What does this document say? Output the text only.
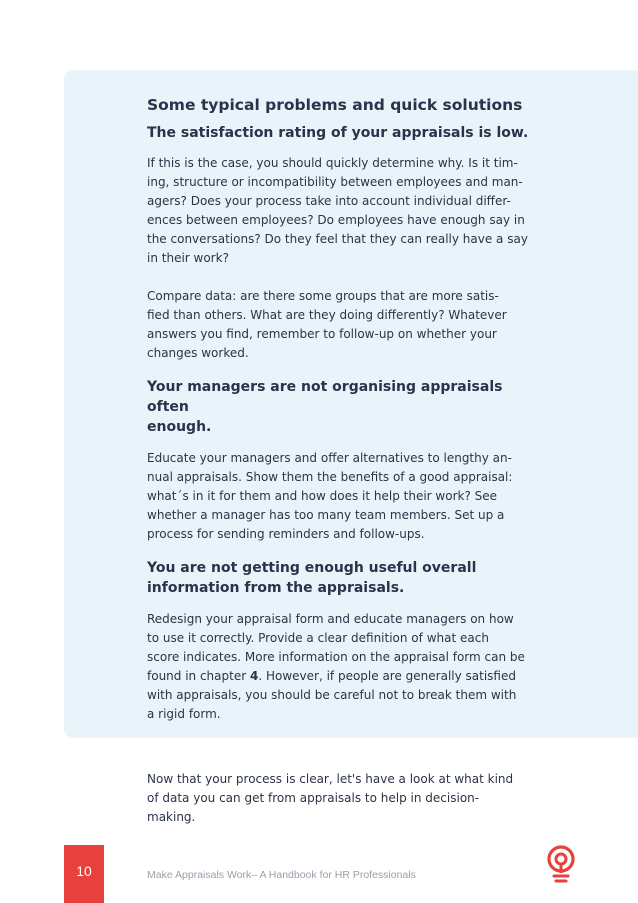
Some typical problems and quick solutions
The satisfaction rating of your appraisals is low.

If this is the case, you should quickly determine why. Is it tim-
ing, structure or incompatibility between employees and man-
agers? Does your process take into account individual differ-
ences between employees? Do employees have enough say in
the conversations? Do they feel that they can really have a say
in their work?

Compare data: are there some groups that are more satis-
fied than others. What are they doing differently? Whatever
answers you find, remember to follow-up on whether your
changes worked.

Your managers are not organising appraisals often
enough.

Educate your managers and offer alternatives to lengthy an-
nual appraisals. Show them the benefits of a good appraisal:
what´s in it for them and how does it help their work? See
whether a manager has too many team members. Set up a
process for sending reminders and follow-ups.

You are not getting enough useful overall
information from the appraisals.

Redesign your appraisal form and educate managers on how
to use it correctly. Provide a clear definition of what each
score indicates. More information on the appraisal form can be
found in chapter 4. However, if people are generally satisfied
with appraisals, you should be careful not to break them with
a rigid form.

Now that your process is clear, let's have a look at what kind
of data you can get from appraisals to help in decision-
making.

10	Make Appraisals Work– A Handbook for HR Professionals
